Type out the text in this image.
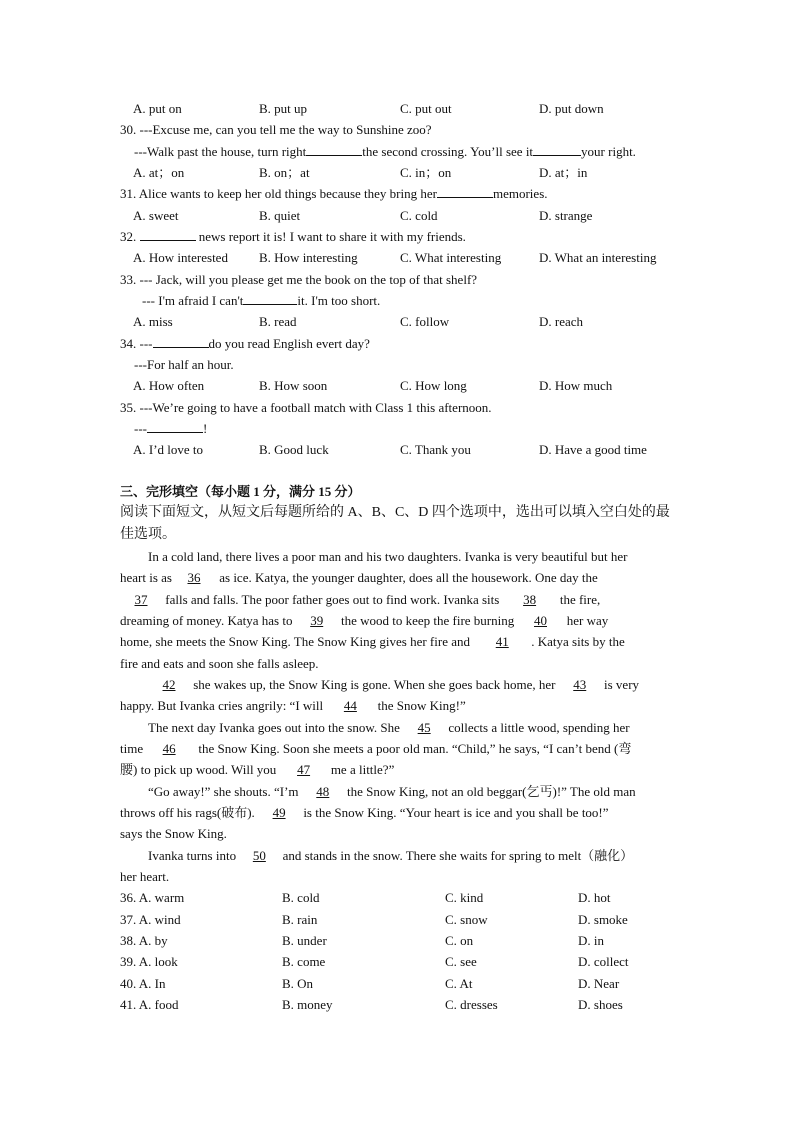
A. put on	B. put up	C. put out	D. put down
30. ---Excuse me, can you tell me the way to Sunshine zoo?
---Walk past the house, turn right	the second crossing. You’ll see it	your right.
A. at；on	B. on；at	C. in；on	D. at；in
31. Alice wants to keep her old things because they bring her	memories.
A. sweet	B. quiet	C. cold	D. strange
32.	news report it is! I want to share it with my friends.
A. How interested B. How interesting	C. What interesting	D. What an interesting
33. --- Jack, will you please get me the book on the top of that shelf?
--- I'm afraid I can't	it. I'm too short.
A. miss	B. read	C. follow	D. reach
34. ---	do you read English evert day?
---For half an hour.
A. How often	B. How soon	C. How long	D. How much
35. ---We’re going to have a football match with Class 1 this afternoon.
---	!
A. I’d love to	B. Good luck	C. Thank you	D. Have a good time
三、完形填空（每小题 1 分，满分 15 分）
阅读下面短文，从短文后每题所给的 A、B、C、D 四个选项中，选出可以填入空白处的最
佳选项。
In a cold land, there lives a poor man and his two daughters. Ivanka is very beautiful but her
heart is as 36 as ice. Katya, the younger daughter, does all the housework. One day the
37 falls and falls. The poor father goes out to find work. Ivanka sits 38 the fire,
dreaming of money. Katya has to 39 the wood to keep the fire burning 40 her way
home, she meets the Snow King. The Snow King gives her fire and 41 . Katya sits by the
fire and eats and soon she falls asleep.
42 she wakes up, the Snow King is gone. When she goes back home, her 43 is very
happy. But Ivanka cries angrily: “I will 44 the Snow King!”
The next day Ivanka goes out into the snow. She 45 collects a little wood, spending her
time 46 the Snow King. Soon she meets a poor old man. “Child,” he says, “I can’t bend (弯
腰) to pick up wood. Will you 47 me a little?”
“Go away!” she shouts. “I’m 48 the Snow King, not an old beggar(乞丐)!” The old man
throws off his rags(破布). 49 is the Snow King. “Your heart is ice and you shall be too!”
says the Snow King.
Ivanka turns into 50 and stands in the snow. There she waits for spring to melt（融化）
her heart.
36. A. warm	B. cold	C. kind	D. hot
37. A. wind	B. rain	C. snow	D. smoke
38. A. by	B. under	C. on	D. in
39. A. look	B. come	C. see	D. collect
40. A. In	B. On	C. At	D. Near
41. A. food	B. money	C. dresses	D. shoes
